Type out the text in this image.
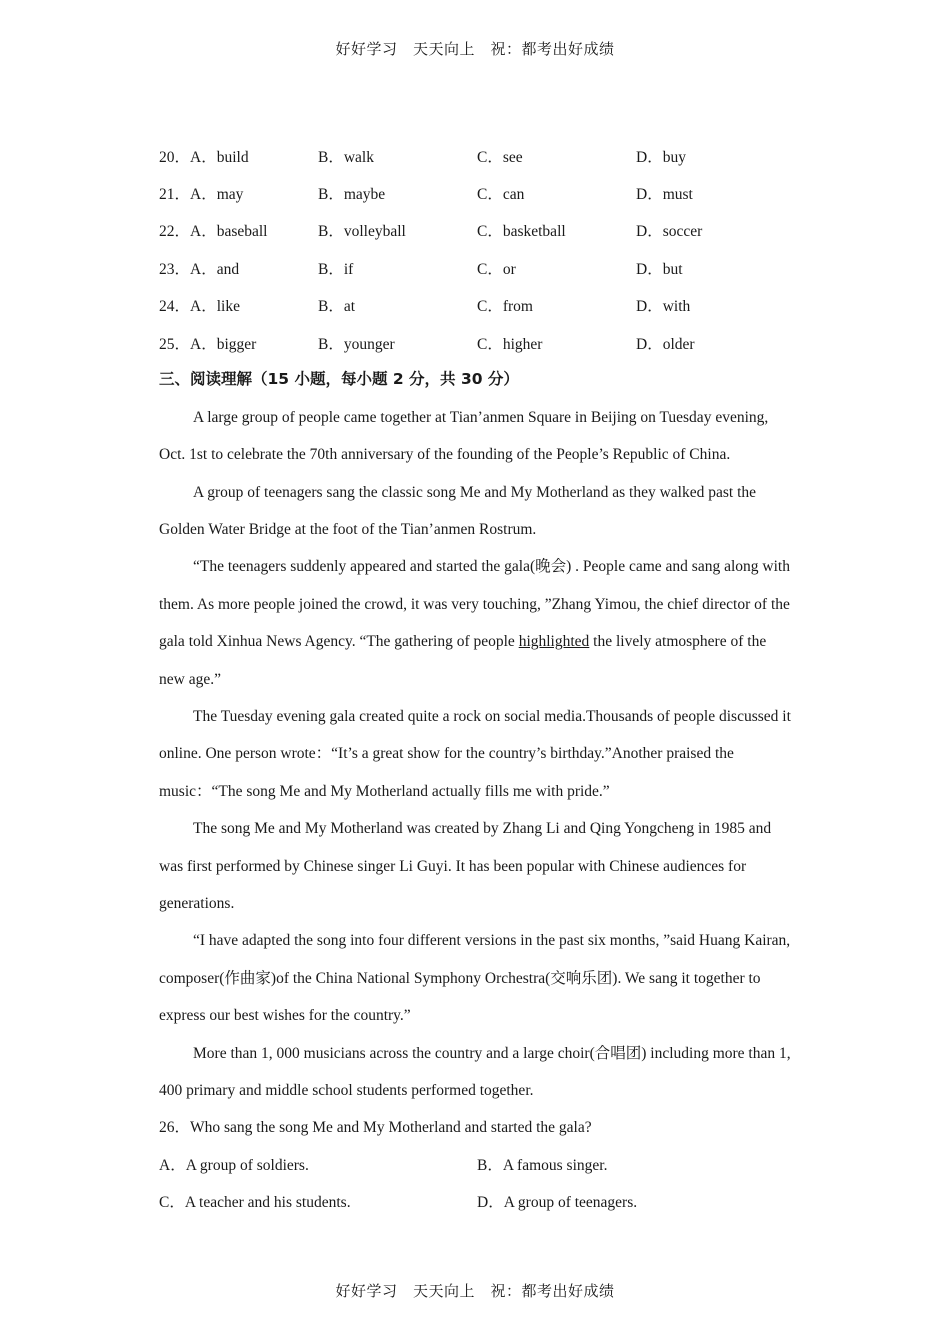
好好学习　天天向上　祝：都考出好成绩
20．A．build	B．walk	C．see	D．buy
21．A．may	B．maybe	C．can	D．must
22．A．baseball	B．volleyball	C．basketball	D．soccer
23．A．and	B．if	C．or	D．but
24．A．like	B．at	C．from	D．with
25．A．bigger	B．younger	C．higher	D．older
三、阅读理解（15 小题，每小题 2 分，共 30 分）

A large group of people came together at Tian’anmen Square in Beijing on Tuesday evening, Oct. 1st to celebrate the 70th anniversary of the founding of the People’s Republic of China.

A group of teenagers sang the classic song Me and My Motherland as they walked past the Golden Water Bridge at the foot of the Tian’anmen Rostrum.

“The teenagers suddenly appeared and started the gala(晚会) . People came and sang along with them. As more people joined the crowd, it was very touching, ”Zhang Yimou, the chief director of the gala told Xinhua News Agency. “The gathering of people highlighted the lively atmosphere of the new age.”

The Tuesday evening gala created quite a rock on social media.Thousands of people discussed it online. One person wrote：“It’s a great show for the country’s birthday.”Another praised the music：“The song Me and My Motherland actually fills me with pride.”

The song Me and My Motherland was created by Zhang Li and Qing Yongcheng in 1985 and was first performed by Chinese singer Li Guyi. It has been popular with Chinese audiences for generations.

“I have adapted the song into four different versions in the past six months, ”said Huang Kairan, composer(作曲家)of the China National Symphony Orchestra(交响乐团). We sang it together to express our best wishes for the country.”

More than 1, 000 musicians across the country and a large choir(合唱团) including more than 1, 400 primary and middle school students performed together.

26．Who sang the song Me and My Motherland and started the gala?
A．A group of soldiers.	B．A famous singer.
C．A teacher and his students.	D．A group of teenagers.
好好学习　天天向上　祝：都考出好成绩
